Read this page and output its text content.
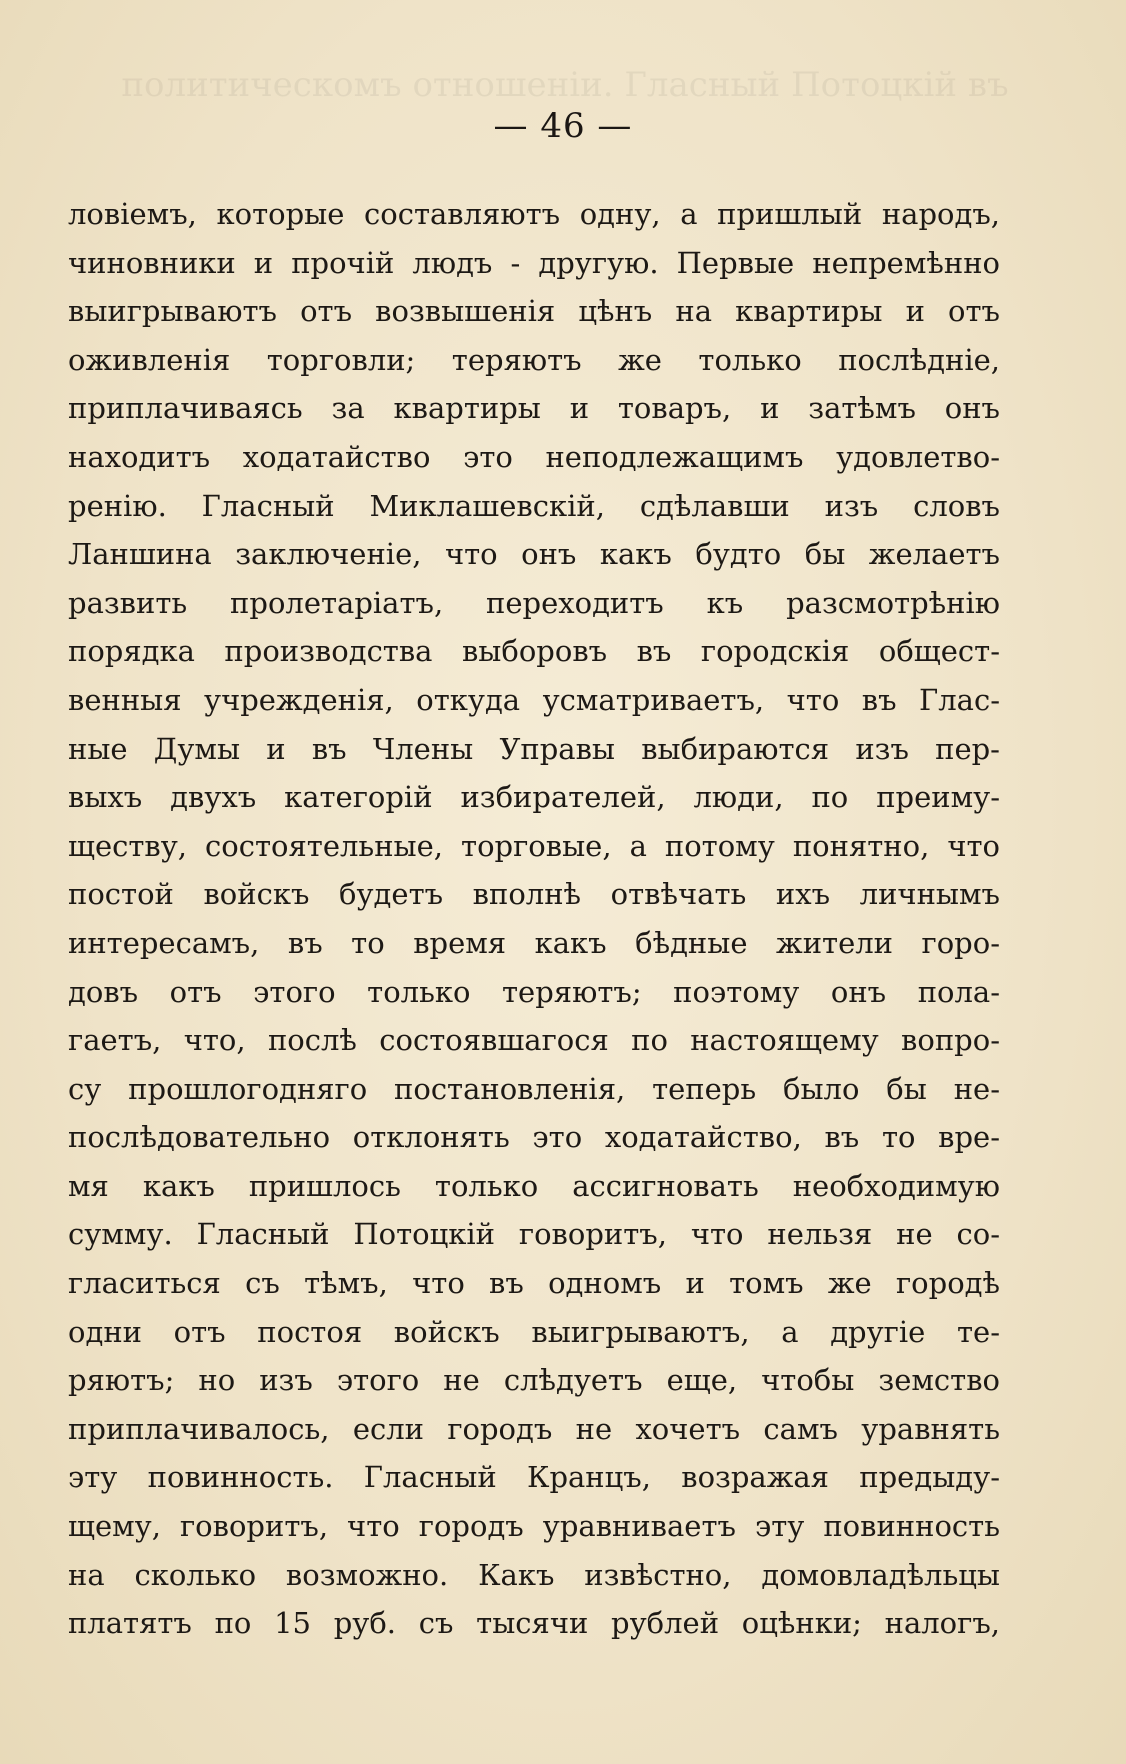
политическомъ отношеніи. Гласный Потоцкій въ
— 46 —
ловіемъ, которые составляютъ одну, а пришлый народъ,
чиновники и прочій людъ - другую. Первые непремѣнно
выигрываютъ отъ возвышенія цѣнъ на квартиры и отъ
оживленія торговли; теряютъ же только послѣдніе,
приплачиваясь за квартиры и товаръ, и затѣмъ онъ
находитъ ходатайство это неподлежащимъ удовлетво-
ренію. Гласный Миклашевскій, сдѣлавши изъ словъ
Ланшина заключеніе, что онъ какъ будто бы желаетъ
развить пролетаріатъ, переходитъ къ разсмотрѣнію
порядка производства выборовъ въ городскія общест-
венныя учрежденія, откуда усматриваетъ, что въ Глас-
ные Думы и въ Члены Управы выбираются изъ пер-
выхъ двухъ категорій избирателей, люди, по преиму-
ществу, состоятельные, торговые, а потому понятно, что
постой войскъ будетъ вполнѣ отвѣчать ихъ личнымъ
интересамъ, въ то время какъ бѣдные жители горо-
довъ отъ этого только теряютъ; поэтому онъ пола-
гаетъ, что, послѣ состоявшагося по настоящему вопро-
су прошлогодняго постановленія, теперь было бы не-
послѣдовательно отклонять это ходатайство, въ то вре-
мя какъ пришлось только ассигновать необходимую
сумму. Гласный Потоцкій говоритъ, что нельзя не со-
гласиться съ тѣмъ, что въ одномъ и томъ же городѣ
одни отъ постоя войскъ выигрываютъ, а другіе те-
ряютъ; но изъ этого не слѣдуетъ еще, чтобы земство
приплачивалось, если городъ не хочетъ самъ уравнять
эту повинность. Гласный Кранцъ, возражая предыду-
щему, говоритъ, что городъ уравниваетъ эту повинность
на сколько возможно. Какъ извѣстно, домовладѣльцы
платятъ по 15 руб. съ тысячи рублей оцѣнки; налогъ,
